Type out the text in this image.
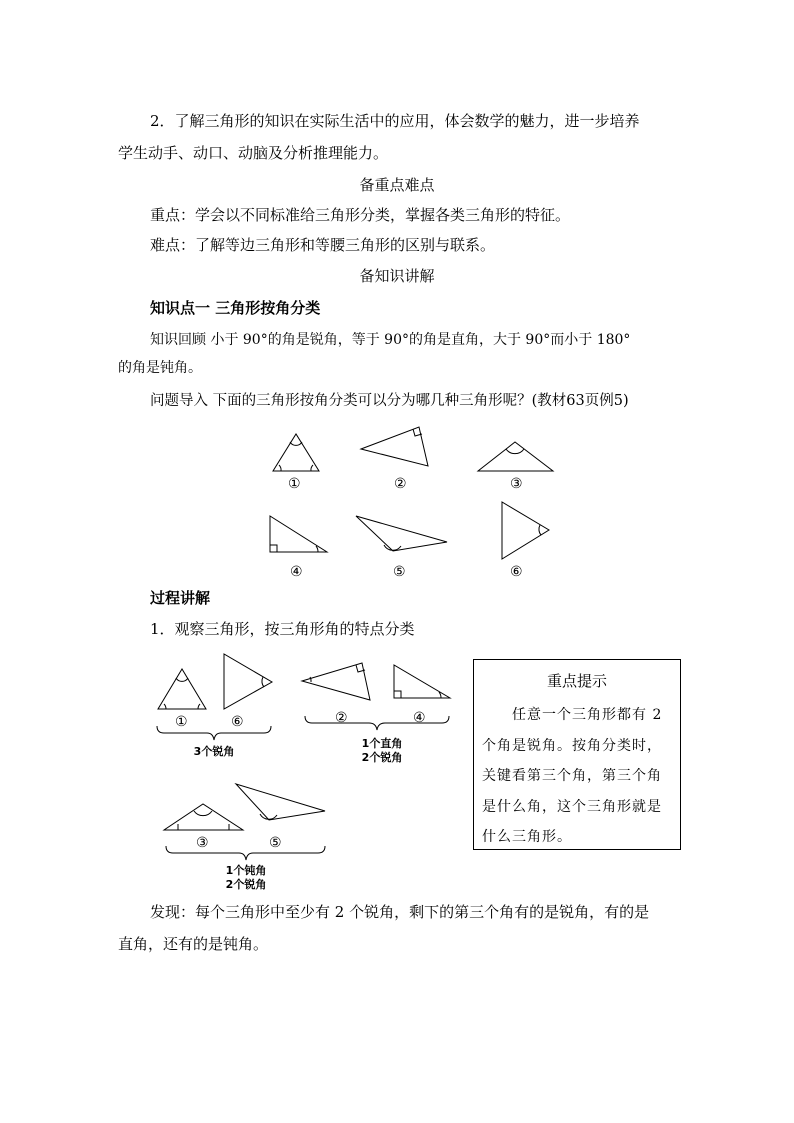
2．了解三角形的知识在实际生活中的应用，体会数学的魅力，进一步培养
学生动手、动口、动脑及分析推理能力。
备重点难点
重点：学会以不同标准给三角形分类，掌握各类三角形的特征。
难点：了解等边三角形和等腰三角形的区别与联系。
备知识讲解
知识点一 三角形按角分类
知识回顾 小于 90°的角是锐角，等于 90°的角是直角，大于 90°而小于 180°
的角是钝角。
问题导入 下面的三角形按角分类可以分为哪几种三角形呢？(教材63页例5)
①	②	③
④	⑤	⑥
过程讲解
1．观察三角形，按三角形角的特点分类
①	⑥
3个锐角
②	④
1个直角
2个锐角
③	⑤
1个钝角
2个锐角
重点提示
任意一个三角形都有 2
个角是锐角。按角分类时，
关键看第三个角，第三个角
是什么角，这个三角形就是
什么三角形。
发现：每个三角形中至少有 2 个锐角，剩下的第三个角有的是锐角，有的是
直角，还有的是钝角。
